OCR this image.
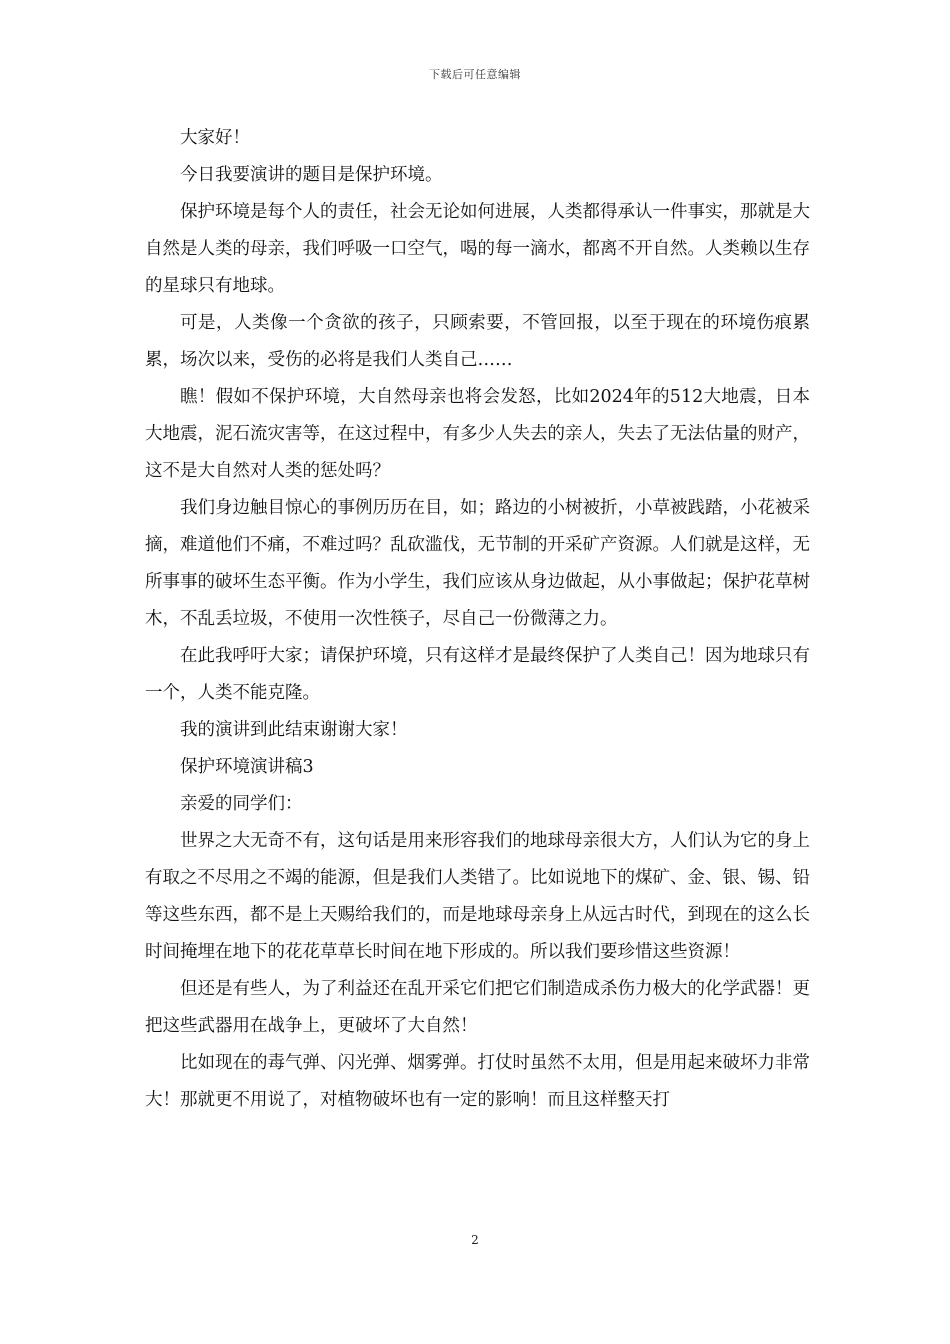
下载后可任意编辑

大家好！

今日我要演讲的题目是保护环境。

保护环境是每个人的责任，社会无论如何进展，人类都得承认一件事实，那就是大自然是人类的母亲，我们呼吸一口空气，喝的每一滴水，都离不开自然。人类赖以生存的星球只有地球。

可是，人类像一个贪欲的孩子，只顾索要，不管回报，以至于现在的环境伤痕累累，场次以来，受伤的必将是我们人类自己……

瞧！假如不保护环境，大自然母亲也将会发怒，比如2024年的512大地震，日本大地震，泥石流灾害等，在这过程中，有多少人失去的亲人，失去了无法估量的财产，这不是大自然对人类的惩处吗？

我们身边触目惊心的事例历历在目，如；路边的小树被折，小草被践踏，小花被采摘，难道他们不痛，不难过吗？乱砍滥伐，无节制的开采矿产资源。人们就是这样，无所事事的破坏生态平衡。作为小学生，我们应该从身边做起，从小事做起；保护花草树木，不乱丢垃圾，不使用一次性筷子，尽自己一份微薄之力。

在此我呼吁大家；请保护环境，只有这样才是最终保护了人类自己！因为地球只有一个，人类不能克隆。

我的演讲到此结束谢谢大家！

保护环境演讲稿3

亲爱的同学们：

世界之大无奇不有，这句话是用来形容我们的地球母亲很大方，人们认为它的身上有取之不尽用之不竭的能源，但是我们人类错了。比如说地下的煤矿、金、银、锡、铅等这些东西，都不是上天赐给我们的，而是地球母亲身上从远古时代，到现在的这么长时间掩埋在地下的花花草草长时间在地下形成的。所以我们要珍惜这些资源！

但还是有些人，为了利益还在乱开采它们把它们制造成杀伤力极大的化学武器！更把这些武器用在战争上，更破坏了大自然！

比如现在的毒气弹、闪光弹、烟雾弹。打仗时虽然不太用，但是用起来破坏力非常大！那就更不用说了，对植物破坏也有一定的影响！而且这样整天打

2
